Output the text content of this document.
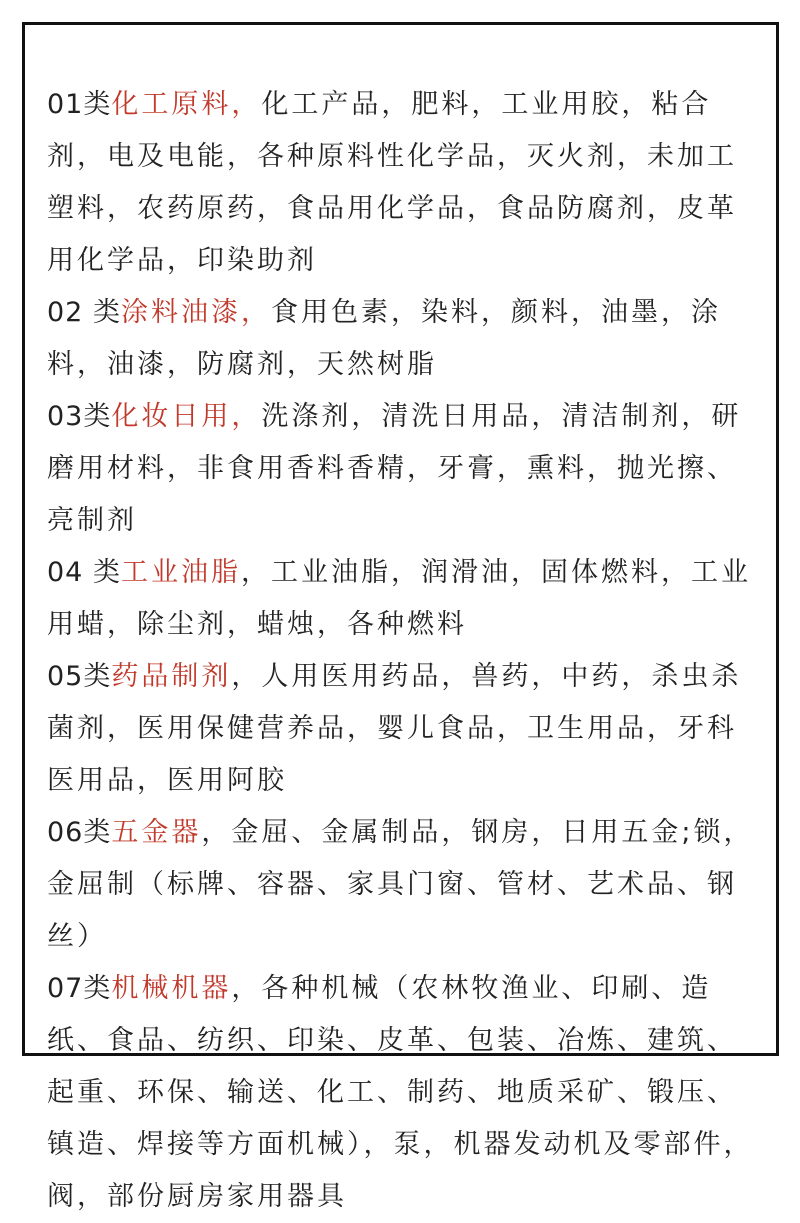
01类化工原料，化工产品，肥料，工业用胶，粘合剂，电及电能，各种原料性化学品，灭火剂，未加工塑料，农药原药，食品用化学品，食品防腐剂，皮革用化学品，印染助剂

02 类涂料油漆，食用色素，染料，颜料，油墨，涂料，油漆，防腐剂，天然树脂

03类化妆日用，洗涤剂，清洗日用品，清洁制剂，研磨用材料，非食用香料香精，牙膏，熏料，抛光擦、亮制剂

04 类工业油脂，工业油脂，润滑油，固体燃料，工业用蜡，除尘剂，蜡烛，各种燃料

05类药品制剂，人用医用药品，兽药，中药，杀虫杀菌剂，医用保健营养品，婴儿食品，卫生用品，牙科医用品，医用阿胶

06类五金器，金屈、金属制品，钢房，日用五金;锁，金屈制（标牌、容器、家具门窗、管材、艺术品、钢丝）

07类机械机器，各种机械（农林牧渔业、印刷、造纸、食品、纺织、印染、皮革、包装、冶炼、建筑、起重、环保、输送、化工、制药、地质采矿、锻压、镇造、焊接等方面机械），泵，机器发动机及零部件，阀，部份厨房家用器具
